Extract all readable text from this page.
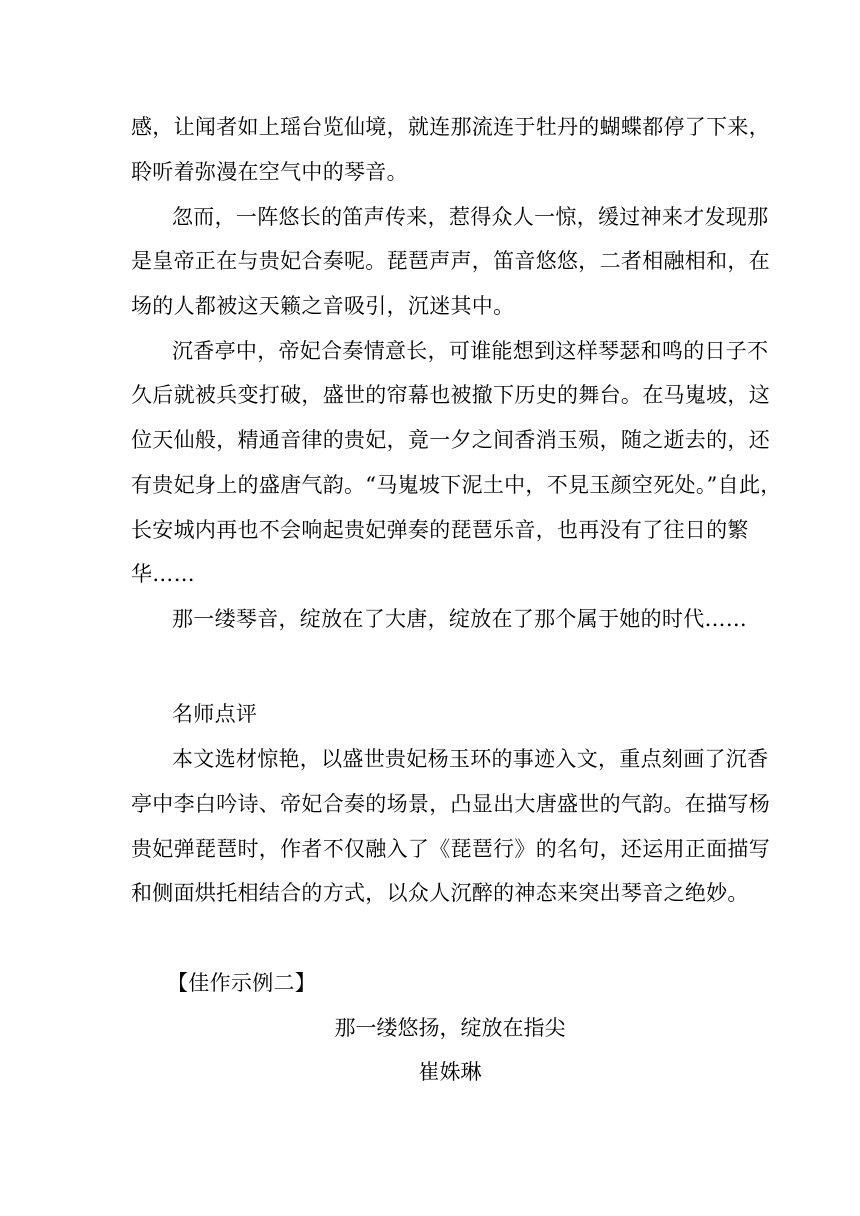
感，让闻者如上瑶台览仙境，就连那流连于牡丹的蝴蝶都停了下来，
聆听着弥漫在空气中的琴音。
忽而，一阵悠长的笛声传来，惹得众人一惊，缓过神来才发现那
是皇帝正在与贵妃合奏呢。琵琶声声，笛音悠悠，二者相融相和，在
场的人都被这天籁之音吸引，沉迷其中。
沉香亭中，帝妃合奏情意长，可谁能想到这样琴瑟和鸣的日子不
久后就被兵变打破，盛世的帘幕也被撤下历史的舞台。在马嵬坡，这
位天仙般，精通音律的贵妃，竟一夕之间香消玉殒，随之逝去的，还
有贵妃身上的盛唐气韵。“马嵬坡下泥土中，不見玉颜空死处。”自此，
长安城内再也不会响起贵妃弹奏的琵琶乐音，也再没有了往日的繁
华……
那一缕琴音，绽放在了大唐，绽放在了那个属于她的时代……
名师点评
本文选材惊艳，以盛世贵妃杨玉环的事迹入文，重点刻画了沉香
亭中李白吟诗、帝妃合奏的场景，凸显出大唐盛世的气韵。在描写杨
贵妃弹琵琶时，作者不仅融入了《琵琶行》的名句，还运用正面描写
和侧面烘托相结合的方式，以众人沉醉的神态来突出琴音之绝妙。
【佳作示例二】
那一缕悠扬，绽放在指尖
崔姝琳
